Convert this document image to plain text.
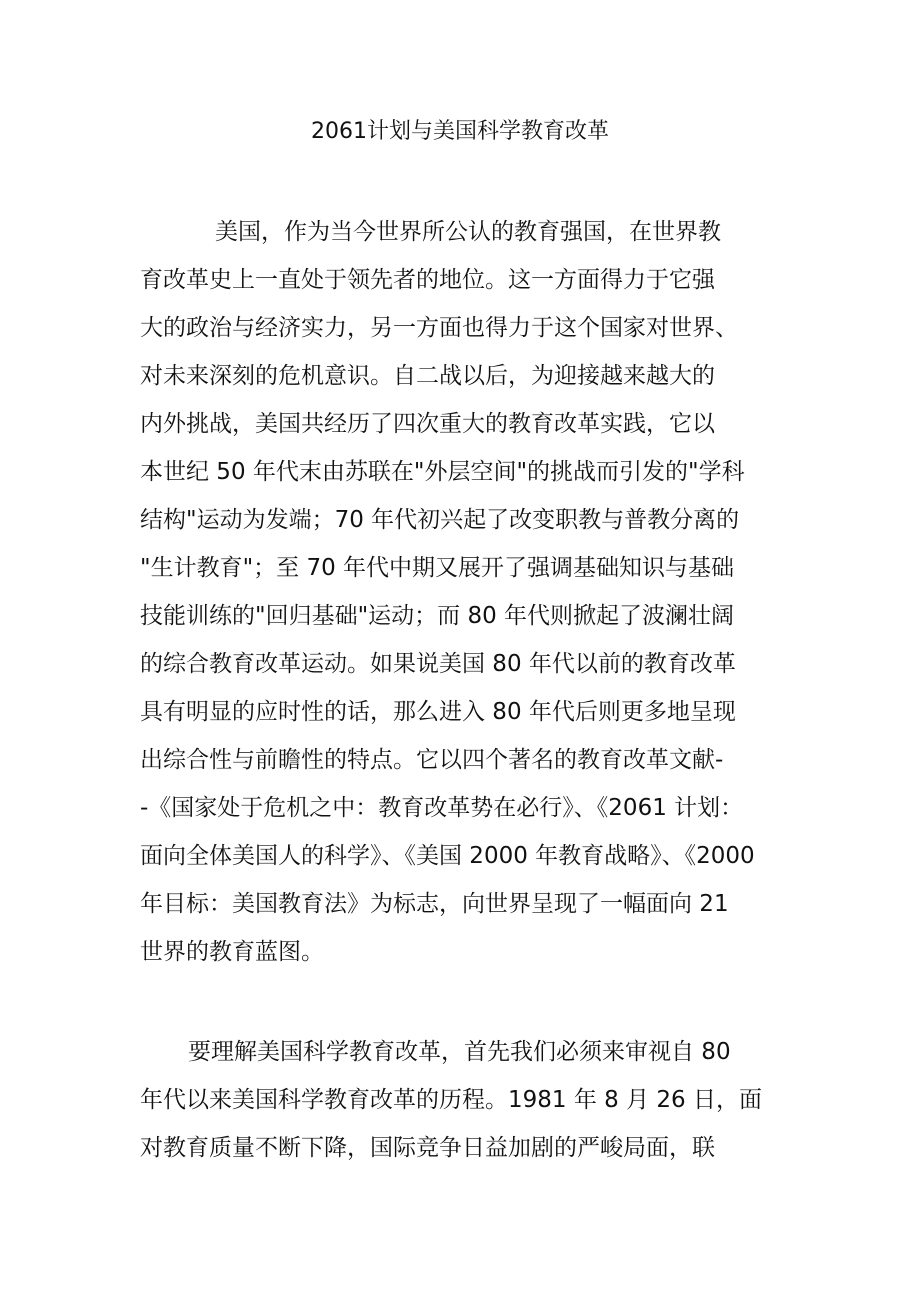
2061计划与美国科学教育改革
美国，作为当今世界所公认的教育强国，在世界教
育改革史上一直处于领先者的地位。这一方面得力于它强
大的政治与经济实力，另一方面也得力于这个国家对世界、
对未来深刻的危机意识。自二战以后，为迎接越来越大的
内外挑战，美国共经历了四次重大的教育改革实践，它以
本世纪 50 年代末由苏联在"外层空间"的挑战而引发的"学科
结构"运动为发端；70 年代初兴起了改变职教与普教分离的
"生计教育"；至 70 年代中期又展开了强调基础知识与基础
技能训练的"回归基础"运动；而 80 年代则掀起了波澜壮阔
的综合教育改革运动。如果说美国 80 年代以前的教育改革
具有明显的应时性的话，那么进入 80 年代后则更多地呈现
出综合性与前瞻性的特点。它以四个著名的教育改革文献-
-《国家处于危机之中：教育改革势在必行》、《2061 计划：
面向全体美国人的科学》、《美国 2000 年教育战略》、《2000
年目标：美国教育法》为标志，向世界呈现了一幅面向 21
世界的教育蓝图。
要理解美国科学教育改革，首先我们必须来审视自 80
年代以来美国科学教育改革的历程。1981 年 8 月 26 日，面
对教育质量不断下降，国际竞争日益加剧的严峻局面，联
